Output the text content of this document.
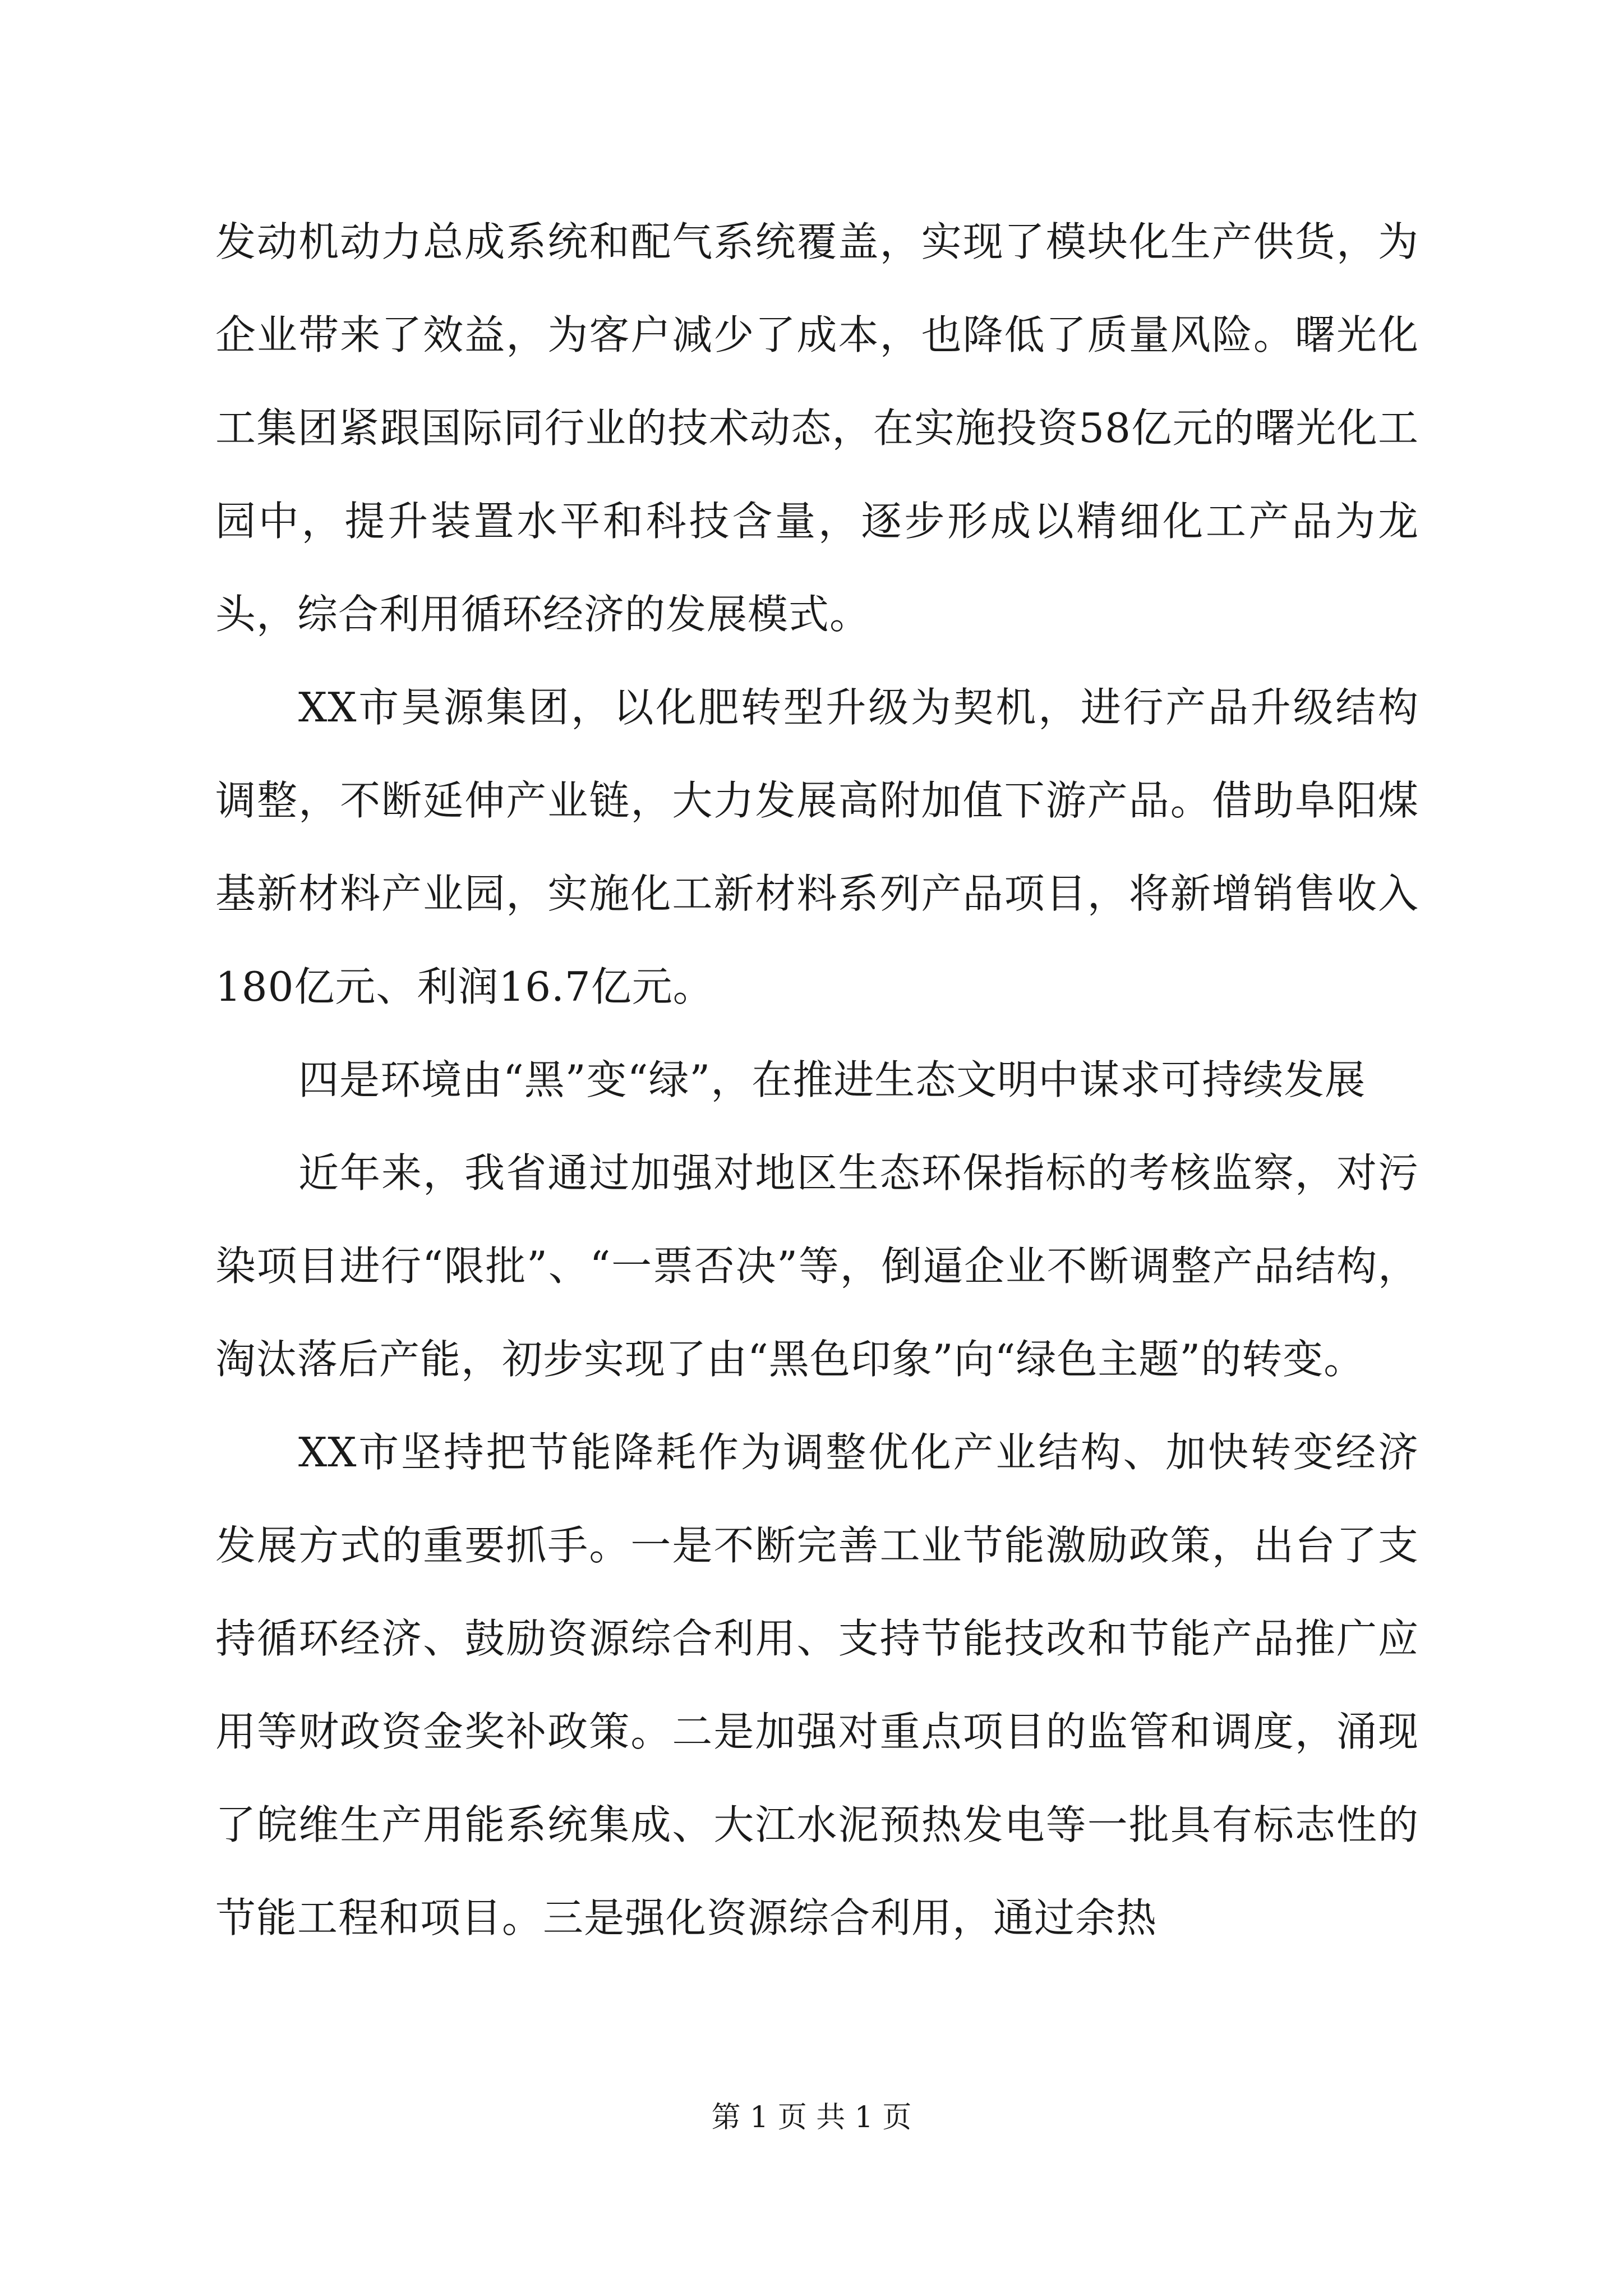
发动机动力总成系统和配气系统覆盖，实现了模块化生产供货，为企业带来了效益，为客户减少了成本，也降低了质量风险。曙光化工集团紧跟国际同行业的技术动态，在实施投资58亿元的曙光化工园中，提升装置水平和科技含量，逐步形成以精细化工产品为龙头，综合利用循环经济的发展模式。

XX市昊源集团，以化肥转型升级为契机，进行产品升级结构调整，不断延伸产业链，大力发展高附加值下游产品。借助阜阳煤基新材料产业园，实施化工新材料系列产品项目，将新增销售收入180亿元、利润16.7亿元。

四是环境由“黑”变“绿”，在推进生态文明中谋求可持续发展

近年来，我省通过加强对地区生态环保指标的考核监察，对污染项目进行“限批”、“一票否决”等，倒逼企业不断调整产品结构，淘汰落后产能，初步实现了由“黑色印象”向“绿色主题”的转变。

XX市坚持把节能降耗作为调整优化产业结构、加快转变经济发展方式的重要抓手。一是不断完善工业节能激励政策，出台了支持循环经济、鼓励资源综合利用、支持节能技改和节能产品推广应用等财政资金奖补政策。二是加强对重点项目的监管和调度，涌现了皖维生产用能系统集成、大江水泥预热发电等一批具有标志性的节能工程和项目。三是强化资源综合利用，通过余热

第 1 页 共 1 页
